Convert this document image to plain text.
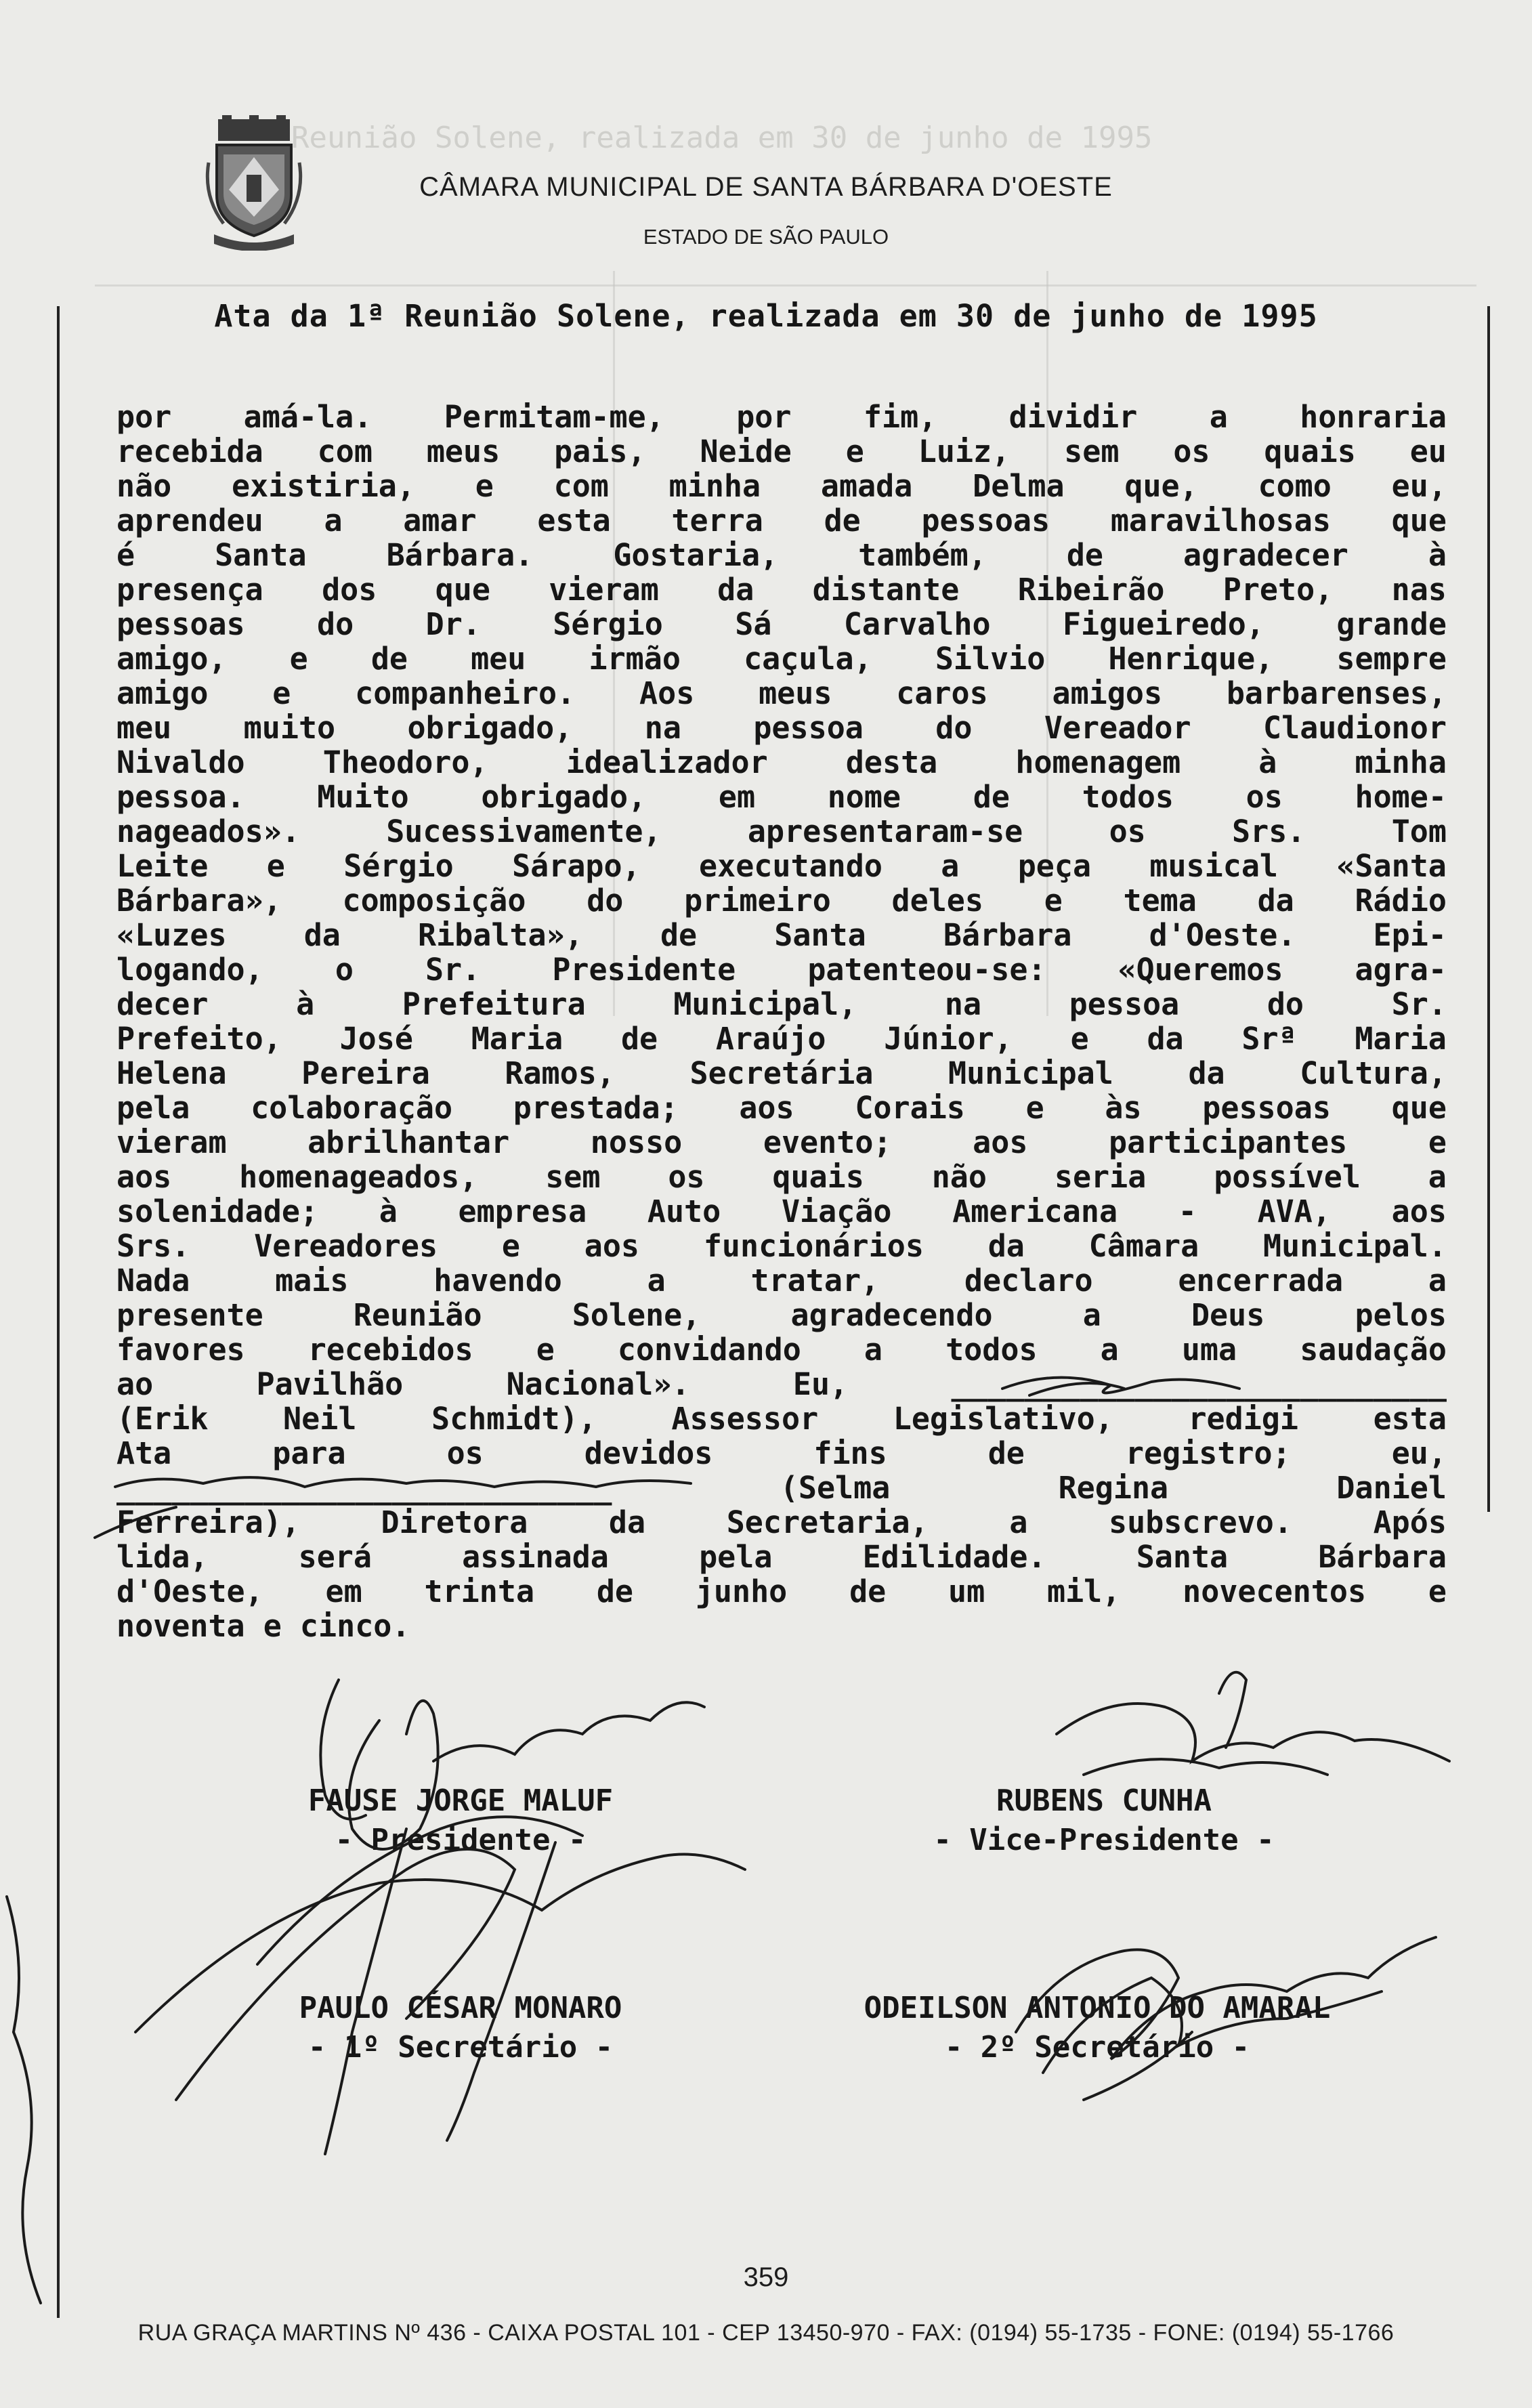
Reunião Solene, realizada em 30 de junho de 1995
CÂMARA MUNICIPAL DE SANTA BÁRBARA D'OESTE
ESTADO DE SÃO PAULO
Ata da 1ª Reunião Solene, realizada em 30 de junho de 1995
por amá-la. Permitam-me, por fim, dividir a honraria
recebida com meus pais, Neide e Luiz, sem os quais eu
não existiria, e com minha amada Delma que, como eu,
aprendeu a amar esta terra de pessoas maravilhosas que
é	Santa	Bárbara.	Gostaria,	também,	de	agradecer	à
presença dos que vieram da distante Ribeirão Preto, nas
pessoas do Dr. Sérgio Sá Carvalho Figueiredo, grande
amigo, e de meu irmão caçula, Silvio Henrique, sempre
amigo e companheiro. Aos meus caros amigos barbarenses,
meu muito obrigado, na pessoa do Vereador Claudionor
Nivaldo	Theodoro,	idealizador	desta	homenagem	à	minha
pessoa. Muito obrigado, em nome de todos os home-
nageados».	Sucessivamente,	apresentaram-se	os	Srs.	Tom
Leite e Sérgio Sárapo, executando a peça musical «Santa
Bárbara», composição do primeiro deles e tema da Rádio
«Luzes	da	Ribalta»,	de	Santa	Bárbara	d'Oeste.	Epi-
logando, o Sr. Presidente patenteou-se: «Queremos agra-
decer	à	Prefeitura	Municipal,	na	pessoa	do	Sr.
Prefeito, José Maria de Araújo Júnior, e da Srª Maria
Helena Pereira Ramos, Secretária Municipal da Cultura,
pela colaboração prestada; aos Corais e às pessoas que
vieram	abrilhantar	nosso	evento;	aos	participantes	e
aos homenageados, sem os quais não seria possível a
solenidade; à empresa Auto Viação Americana - AVA, aos
Srs. Vereadores e aos funcionários da Câmara Municipal.
Nada	mais	havendo	a	tratar,	declaro	encerrada	a
presente	Reunião	Solene,	agradecendo	a	Deus	pelos
favores recebidos e convidando a todos a uma saudação
ao	Pavilhão	Nacional».	Eu,	___________________________
(Erik Neil Schmidt), Assessor Legislativo, redigi esta
Ata	para	os	devidos	fins	de	registro;	eu,
___________________________	(Selma	Regina	Daniel
Ferreira),	Diretora	da	Secretaria,	a	subscrevo.	Após
lida,	será	assinada	pela	Edilidade.	Santa	Bárbara
d'Oeste, em trinta de junho de um mil, novecentos e
noventa e cinco.
FAUSE JORGE MALUF
- Presidente -
RUBENS CUNHA
- Vice-Presidente -
PAULO CÉSAR MONARO
- 1º Secretário -
ODEILSON ANTONIO DO AMARAL
- 2º Secretário -
359
RUA GRAÇA MARTINS Nº 436 - CAIXA POSTAL 101 - CEP 13450-970 - FAX: (0194) 55-1735 - FONE: (0194) 55-1766
